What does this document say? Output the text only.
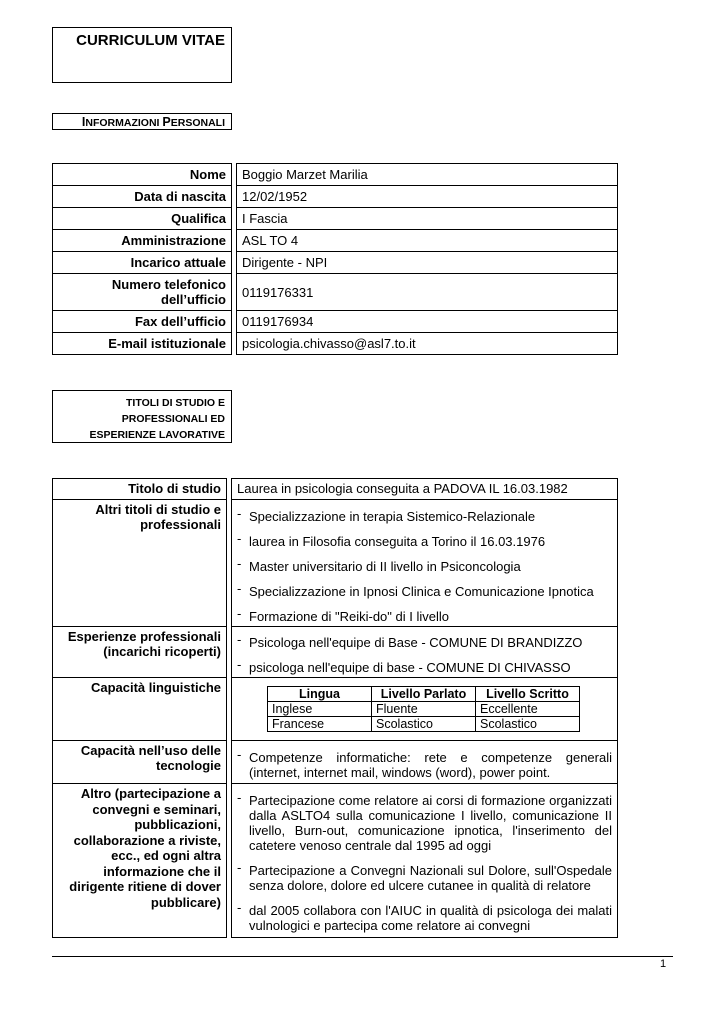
CURRICULUM VITAE
INFORMAZIONI PERSONALI
Nome		Boggio Marzet Marilia
Data di nascita		12/02/1952
Qualifica		I Fascia
Amministrazione		ASL TO 4
Incarico attuale		Dirigente - NPI
Numero telefonico dell’ufficio		0119176331
Fax dell’ufficio		0119176934
E-mail istituzionale		psicologia.chivasso@asl7.to.it
TITOLI DI STUDIO E
PROFESSIONALI ED
ESPERIENZE LAVORATIVE
Titolo di studio		Laurea in psicologia conseguita a PADOVA IL 16.03.1982
Altri titoli di studio e professionali		
- Specializzazione in terapia Sistemico-Relazionale
- laurea in Filosofia conseguita a Torino il 16.03.1976
- Master universitario di II livello in Psiconcologia
- Specializzazione in Ipnosi Clinica e Comunicazione Ipnotica
- Formazione di "Reiki-do" di I livello

Esperienze professionali (incarichi ricoperti)		
- Psicologa nell'equipe di Base - COMUNE DI BRANDIZZO
- psicologa nell'equipe di base - COMUNE DI CHIVASSO

Capacità linguistiche			Lingua	Livello Parlato	Livello Scritto
Inglese	Fluente	Eccellente
Francese	Scolastico	Scolastico

Capacità nell’uso delle tecnologie		
- Competenze informatiche: rete e competenze generali (internet, internet mail, windows (word), power point.

Altro (partecipazione a convegni e seminari, pubblicazioni, collaborazione a riviste, ecc., ed ogni altra informazione che il dirigente ritiene di dover pubblicare)		
- Partecipazione come relatore ai corsi di formazione organizzati dalla ASLTO4 sulla comunicazione I livello, comunicazione II livello, Burn-out, comunicazione ipnotica, l'inserimento del catetere venoso centrale dal 1995 ad oggi
- Partecipazione a Convegni Nazionali sul Dolore, sull'Ospedale senza dolore, dolore ed ulcere cutanee in qualità di relatore
- dal 2005 collabora con l'AIUC in qualità di psicologa dei malati vulnologici e partecipa come relatore ai convegni
1
